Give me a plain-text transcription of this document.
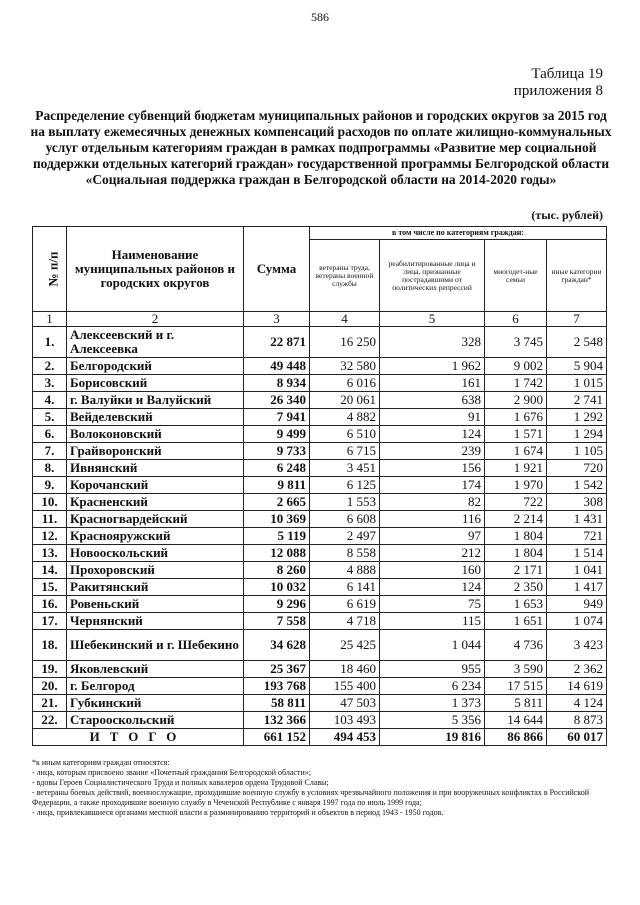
586
Таблица 19
приложения 8
Распределение субвенций бюджетам муниципальных районов и городских округов за 2015 год на выплату ежемесячных денежных компенсаций расходов по оплате жилищно-коммунальных услуг отдельным категориям граждан в рамках подпрограммы «Развитие мер социальной поддержки отдельных категорий граждан» государственной программы Белгородской области «Социальная поддержка граждан в Белгородской области на 2014-2020 годы»
(тыс. рублей)
№ п/п	Наименование муниципальных районов и городских округов	Сумма	в том числе по категориям граждан:			
			ветераны труда, ветераны военной службы	реабилитированные лица и лица, признанные пострадавшими от политических репрессий	многодет-ные семьи	иные категории граждан*
1	2	3	4	5	6	7
1.	Алексеевский и г. Алексеевка	22 871	16 250	328	3 745	2 548
2.	Белгородский	49 448	32 580	1 962	9 002	5 904
3.	Борисовский	8 934	6 016	161	1 742	1 015
4.	г. Валуйки и Валуйский	26 340	20 061	638	2 900	2 741
5.	Вейделевский	7 941	4 882	91	1 676	1 292
6.	Волоконовский	9 499	6 510	124	1 571	1 294
7.	Грайворонский	9 733	6 715	239	1 674	1 105
8.	Ивнянский	6 248	3 451	156	1 921	720
9.	Корочанский	9 811	6 125	174	1 970	1 542
10.	Красненский	2 665	1 553	82	722	308
11.	Красногвардейский	10 369	6 608	116	2 214	1 431
12.	Краснояружский	5 119	2 497	97	1 804	721
13.	Новооскольский	12 088	8 558	212	1 804	1 514
14.	Прохоровский	8 260	4 888	160	2 171	1 041
15.	Ракитянский	10 032	6 141	124	2 350	1 417
16.	Ровеньский	9 296	6 619	75	1 653	949
17.	Чернянский	7 558	4 718	115	1 651	1 074
18.	Шебекинский и г. Шебекино	34 628	25 425	1 044	4 736	3 423
19.	Яковлевский	25 367	18 460	955	3 590	2 362
20.	г. Белгород	193 768	155 400	6 234	17 515	14 619
21.	Губкинский	58 811	47 503	1 373	5 811	4 124
22.	Старооскольский	132 366	103 493	5 356	14 644	8 873
ИТОГО		661 152	494 453	19 816	86 866	60 017
*к иным категориям граждан относятся:
- лица, которым присвоено звание «Почетный гражданин Белгородской области»;
- вдовы Героев Социалистического Труда и полных кавалеров ордена Трудовой Славы;
- ветераны боевых действий, военнослужащие, проходившие военную службу в условиях чрезвычайного положения и при вооруженных конфликтах в Российской Федерации, а также проходившие военную службу в Чеченской Республике с января 1997 года по июль 1999 года;
- лица, привлекавшиеся органами местной власти к разминированию территорий и объектов в период 1943 - 1950 годов.
